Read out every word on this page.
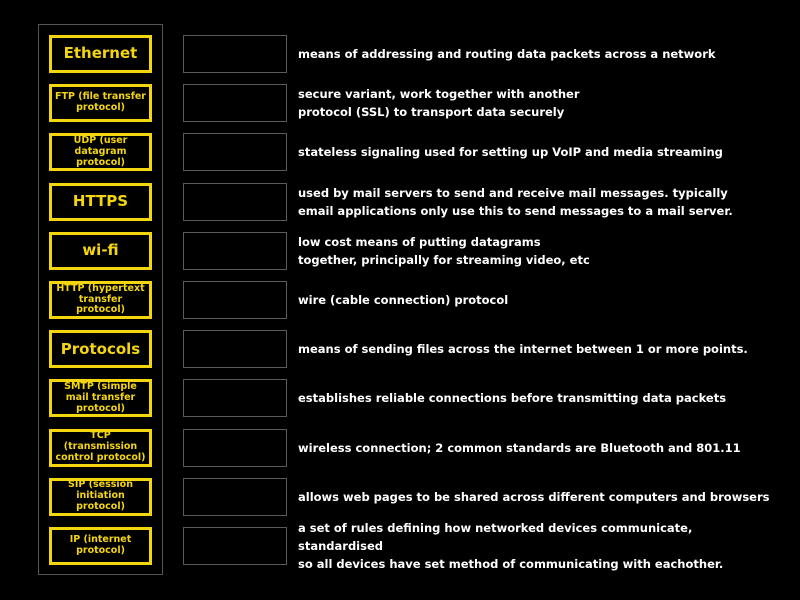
Ethernet
FTP (file transfer protocol)
UDP (user datagram protocol)
HTTPS
wi-fi
HTTP (hypertext transfer protocol)
Protocols
SMTP (simple mail transfer protocol)
TCP (transmission control protocol)
SIP (session initiation protocol)
IP (internet protocol)
means of addressing and routing data packets across a network
secure variant, work together with another
protocol (SSL) to transport data securely
stateless signaling used for setting up VoIP and media streaming
used by mail servers to send and receive mail messages. typically
email applications only use this to send messages to a mail server.
low cost means of putting datagrams
together, principally for streaming video, etc
wire (cable connection) protocol
means of sending files across the internet between 1 or more points.
establishes reliable connections before transmitting data packets
wireless connection; 2 common standards are Bluetooth and 801.11
allows web pages to be shared across different computers and browsers
a set of rules defining how networked devices communicate, standardised
so all devices have set method of communicating with eachother.
